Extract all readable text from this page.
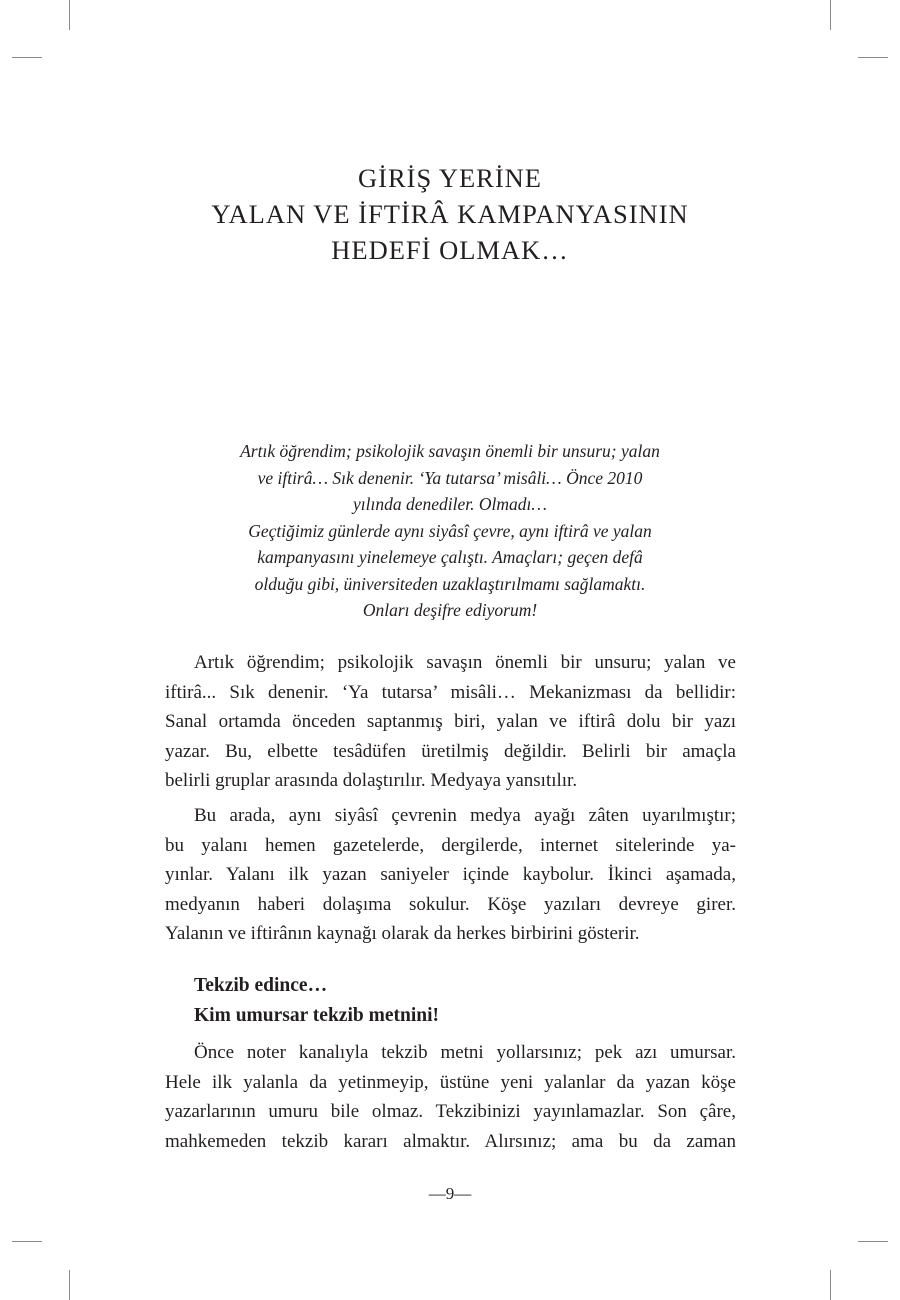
GİRİŞ YERİNE
YALAN VE İFTİRÂ KAMPANYASININ
HEDEFİ OLMAK…
Artık öğrendim; psikolojik savaşın önemli bir unsuru; yalan
ve iftirâ… Sık denenir. ‘Ya tutarsa’ misâli… Önce 2010
yılında denediler. Olmadı…
Geçtiğimiz günlerde aynı siyâsî çevre, aynı iftirâ ve yalan
kampanyasını yinelemeye çalıştı. Amaçları; geçen defâ
olduğu gibi, üniversiteden uzaklaştırılmamı sağlamaktı.
Onları deşifre ediyorum!
Artık öğrendim; psikolojik savaşın önemli bir unsuru; yalan ve
iftirâ... Sık denenir. ‘Ya tutarsa’ misâli… Mekanizması da bellidir:
Sanal ortamda önceden saptanmış biri, yalan ve iftirâ dolu bir yazı
yazar. Bu, elbette tesâdüfen üretilmiş değildir. Belirli bir amaçla
belirli gruplar arasında dolaştırılır. Medyaya yansıtılır.
Bu arada, aynı siyâsî çevrenin medya ayağı zâten uyarılmıştır;
bu yalanı hemen gazetelerde, dergilerde, internet sitelerinde ya-
yınlar. Yalanı ilk yazan saniyeler içinde kaybolur. İkinci aşamada,
medyanın haberi dolaşıma sokulur. Köşe yazıları devreye girer.
Yalanın ve iftirânın kaynağı olarak da herkes birbirini gösterir.
Tekzib edince…
Kim umursar tekzib metnini!
Önce noter kanalıyla tekzib metni yollarsınız; pek azı umursar.
Hele ilk yalanla da yetinmeyip, üstüne yeni yalanlar da yazan köşe
yazarlarının umuru bile olmaz. Tekzibinizi yayınlamazlar. Son çâre,
mahkemeden tekzib kararı almaktır. Alırsınız; ama bu da zaman
—9—
